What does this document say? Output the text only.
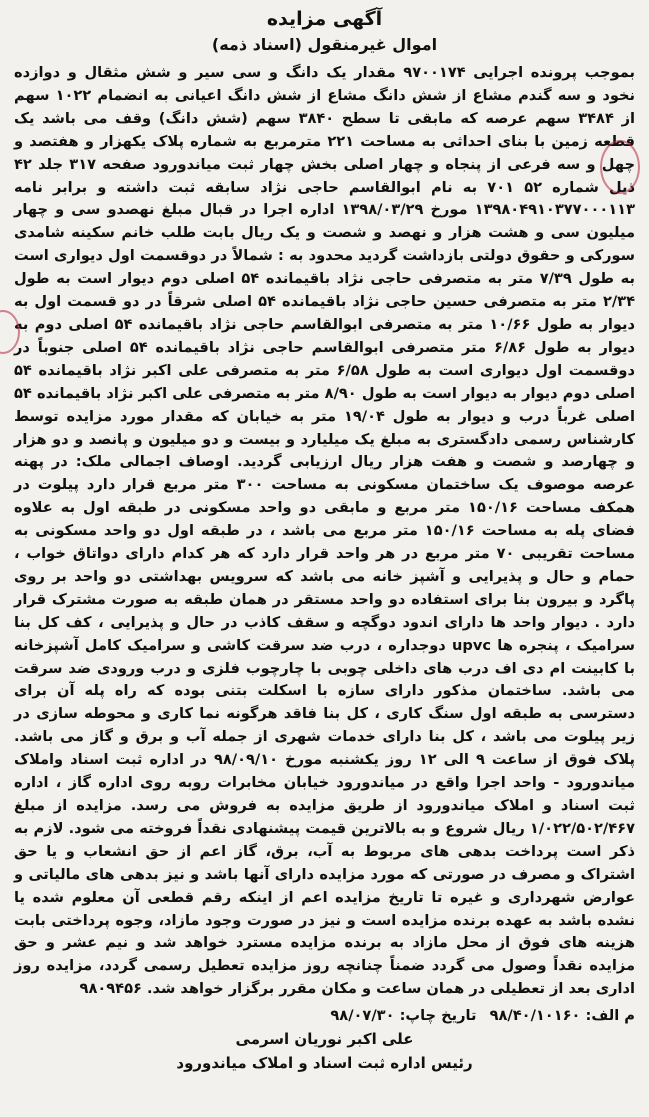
آگهی مزایده
اموال غیرمنقول (اسناد ذمه)

بموجب پرونده اجرایی ۹۷۰۰۱۷۴ مقدار یک دانگ و سی سیر و شش مثقال و دوازده نخود و سه گندم مشاع از شش دانگ مشاع از شش دانگ اعیانی به انضمام ۱۰۲۲ سهم از ۳۴۸۴ سهم عرصه که مابقی تا سطح ۳۸۴۰ سهم (شش دانگ) وقف می باشد یک قطعه زمین با بنای احداثی به مساحت ۲۲۱ مترمربع به شماره پلاک یکهزار و هفتصد و چهل و سه فرعی از پنجاه و چهار اصلی بخش چهار ثبت میاندورود صفحه ۳۱۷ جلد ۴۲ ذیل شماره ۵۲ ۷۰۱ به نام ابوالقاسم حاجی نژاد سابقه ثبت داشته و برابر نامه ۱۳۹۸۰۴۹۱۰۳۷۷۰۰۰۱۱۳ مورخ ۱۳۹۸/۰۳/۲۹ اداره اجرا در قبال مبلغ نهصدو سی و چهار میلیون سی و هشت هزار و نهصد و شصت و یک ریال بابت طلب خانم سکینه شامدی سورکی و حقوق دولتی بازداشت گردید محدود به : شمالاً در دوقسمت اول دیواری است به طول ۷/۳۹ متر به متصرفی حاجی نژاد باقیمانده ۵۴ اصلی دوم دیوار است به طول ۲/۳۴ متر به متصرفی حسین حاجی نژاد باقیمانده ۵۴ اصلی شرقاً در دو قسمت اول به دیوار به طول ۱۰/۶۶ متر به متصرفی ابوالقاسم حاجی نژاد باقیمانده ۵۴ اصلی دوم به دیوار به طول ۶/۸۶ متر متصرفی ابوالقاسم حاجی نژاد باقیمانده ۵۴ اصلی جنوباً در دوقسمت اول دیواری است به طول ۶/۵۸ متر به متصرفی علی اکبر نژاد باقیمانده ۵۴ اصلی دوم دیوار به دیوار است به طول ۸/۹۰ متر به متصرفی علی اکبر نژاد باقیمانده ۵۴ اصلی غرباً درب و دیوار به طول ۱۹/۰۴ متر به خیابان که مقدار مورد مزایده توسط کارشناس رسمی دادگستری به مبلغ یک میلیارد و بیست و دو میلیون و پانصد و دو هزار و چهارصد و شصت و هفت هزار ریال ارزیابی گردید. اوصاف اجمالی ملک: در پهنه عرصه موصوف یک ساختمان مسکونی به مساحت ۳۰۰ متر مربع قرار دارد پیلوت در همکف مساحت ۱۵۰/۱۶ متر مربع و مابقی دو واحد مسکونی در طبقه اول به علاوه فضای پله به مساحت ۱۵۰/۱۶ متر مربع می باشد ، در طبقه اول دو واحد مسکونی به مساحت تقریبی ۷۰ متر مربع در هر واحد قرار دارد که هر کدام دارای دواتاق خواب ، حمام و حال و پذیرایی و آشپز خانه می باشد که سرویس بهداشتی دو واحد بر روی پاگرد و بیرون بنا برای استفاده دو واحد مستقر در همان طبقه به صورت مشترک قرار دارد . دیوار واحد ها دارای اندود دوگچه و سقف کاذب در حال و پذیرایی ، کف کل بنا سرامیک ، پنجره ها upvc دوجداره ، درب ضد سرقت کاشی و سرامیک کامل آشپزخانه با کابینت ام دی اف درب های داخلی چوبی با چارچوب فلزی و درب ورودی ضد سرقت می باشد. ساختمان مذکور دارای سازه با اسکلت بتنی بوده که راه پله آن برای دسترسی به طبقه اول سنگ کاری ، کل بنا فاقد هرگونه نما کاری و محوطه سازی در زیر پیلوت می باشد ، کل بنا دارای خدمات شهری از جمله آب و برق و گاز می باشد. پلاک فوق از ساعت ۹ الی ۱۲ روز یکشنبه مورخ ۹۸/۰۹/۱۰ در اداره ثبت اسناد واملاک میاندورود - واحد اجرا واقع در میاندورود خیابان مخابرات روبه روی اداره گاز ، اداره ثبت اسناد و املاک میاندورود از طریق مزایده به فروش می رسد. مزایده از مبلغ ۱/۰۲۲/۵۰۲/۴۶۷ ریال شروع و به بالاترین قیمت پیشنهادی نقداً فروخته می شود. لازم به ذکر است پرداخت بدهی های مربوط به آب، برق، گاز اعم از حق انشعاب و یا حق اشتراک و مصرف در صورتی که مورد مزایده دارای آنها باشد و نیز بدهی های مالیاتی و عوارض شهرداری و غیره تا تاریخ مزایده اعم از اینکه رقم قطعی آن معلوم شده یا نشده باشد به عهده برنده مزایده است و نیز در صورت وجود مازاد، وجوه پرداختی بابت هزینه های فوق از محل مازاد به برنده مزایده مسترد خواهد شد و نیم عشر و حق مزایده نقداً وصول می گردد ضمناً چنانچه روز مزایده تعطیل رسمی گردد، مزایده روز اداری بعد از تعطیلی در همان ساعت و مکان مقرر برگزار خواهد شد. ۹۸۰۹۴۵۶

م الف: ۹۸/۴۰/۱۰۱۶۰ تاریخ چاپ: ۹۸/۰۷/۳۰
علی اکبر نوریان اسرمی
رئیس اداره ثبت اسناد و املاک میاندورود
